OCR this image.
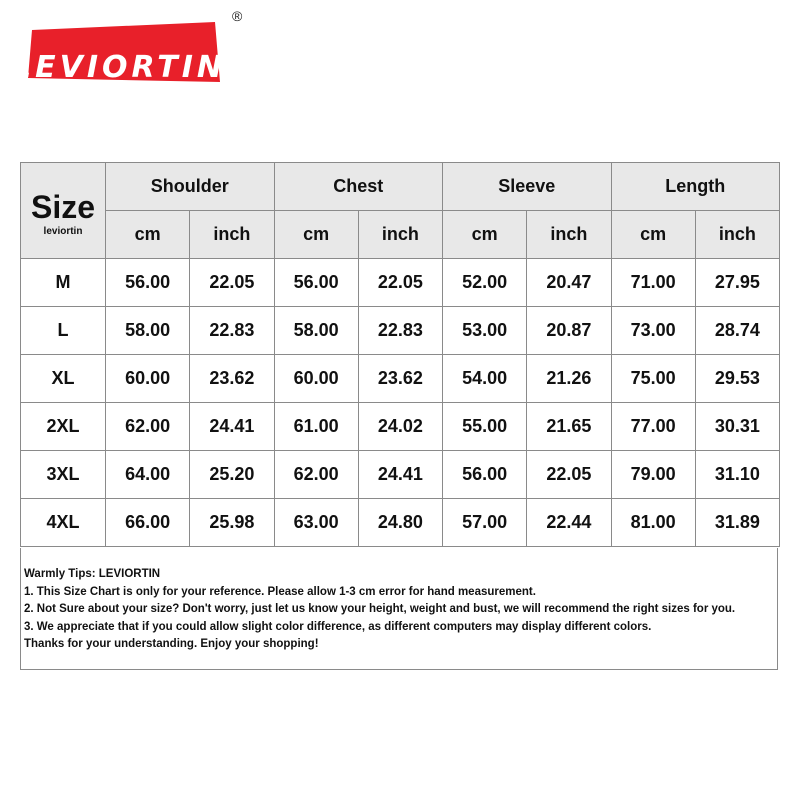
LEVIORTIN
®
Size
leviortin	Shoulder		Chest		Sleeve		Length	
	cm	inch	cm	inch	cm	inch	cm	inch
M	56.00	22.05	56.00	22.05	52.00	20.47	71.00	27.95
L	58.00	22.83	58.00	22.83	53.00	20.87	73.00	28.74
XL	60.00	23.62	60.00	23.62	54.00	21.26	75.00	29.53
2XL	62.00	24.41	61.00	24.02	55.00	21.65	77.00	30.31
3XL	64.00	25.20	62.00	24.41	56.00	22.05	79.00	31.10
4XL	66.00	25.98	63.00	24.80	57.00	22.44	81.00	31.89
Warmly Tips: LEVIORTIN
1. This Size Chart is only for your reference. Please allow 1-3 cm error for hand measurement.
2. Not Sure about your size? Don't worry, just let us know your height, weight and bust, we will recommend the right sizes for you.
3. We appreciate that if you could allow slight color difference, as different computers may display different colors.
Thanks for your understanding. Enjoy your shopping!
